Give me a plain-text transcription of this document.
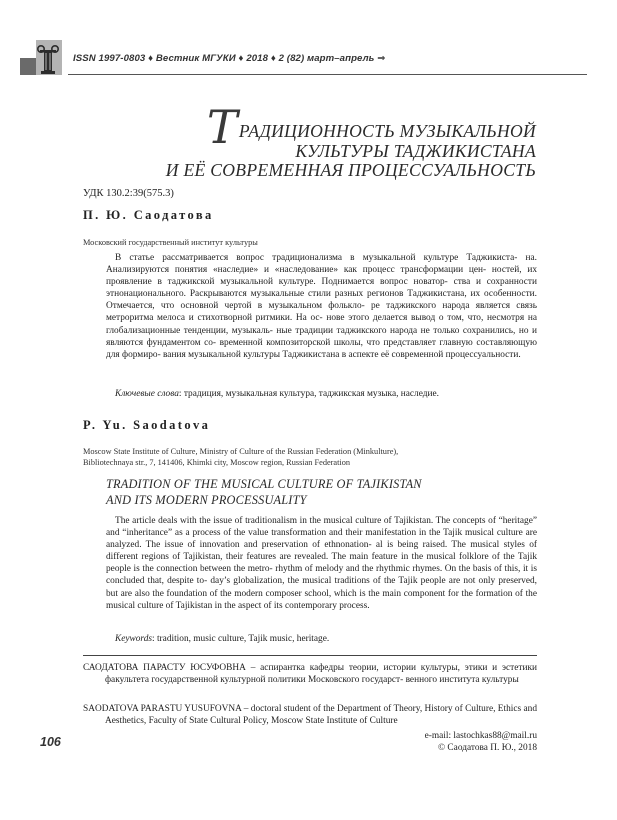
ISSN 1997-0803 ♦ Вестник МГУКИ ♦ 2018 ♦ 2 (82) март–апрель ⇒
ТРАДИЦИОННОСТЬ МУЗЫКАЛЬНОЙ
КУЛЬТУРЫ ТАДЖИКИСТАНА
И ЕЁ СОВРЕМЕННАЯ ПРОЦЕССУАЛЬНОСТЬ
УДК 130.2:39(575.3)
П. Ю. Саодатова
Московский государственный институт культуры

В статье рассматривается вопрос традиционализма в музыкальной культуре Таджикиста- на. Анализируются понятия «наследие» и «наследование» как процесс трансформации цен- ностей, их проявление в таджикской музыкальной культуре. Поднимается вопрос новатор- ства и сохранности этнонационального. Раскрываются музыкальные стили разных регионов Таджикистана, их особенности. Отмечается, что основной чертой в музыкальном фолькло- ре таджикского народа является связь метроритма мелоса и стихотворной ритмики. На ос- нове этого делается вывод о том, что, несмотря на глобализационные тенденции, музыкаль- ные традиции таджикского народа не только сохранились, но и являются фундаментом со- временной композиторской школы, что представляет главную составляющую для формиро- вания музыкальной культуры Таджикистана в аспекте её современной процессуальности.

Ключевые слова: традиция, музыкальная культура, таджикская музыка, наследие.
P. Yu. Saodatova
Moscow State Institute of Culture, Ministry of Culture of the Russian Federation (Minkulture),
Bibliotechnaya str., 7, 141406, Khimki city, Moscow region, Russian Federation
TRADITION OF THE MUSICAL CULTURE OF TAJIKISTAN
AND ITS MODERN PROCESSUALITY

The article deals with the issue of traditionalism in the musical culture of Tajikistan. The concepts of “heritage” and “inheritance” as a process of the value transformation and their manifestation in the Tajik musical culture are analyzed. The issue of innovation and preservation of ethnonation- al is being raised. The musical styles of different regions of Tajikistan, their features are revealed. The main feature in the musical folklore of the Tajik people is the connection between the metro- rhythm of melody and the rhythmic rhymes. On the basis of this, it is concluded that, despite to- day’s globalization, the musical traditions of the Tajik people are not only preserved, but are also the foundation of the modern composer school, which is the main component for the formation of the musical culture of Tajikistan in the aspect of its contemporary process.

Keywords: tradition, music culture, Tajik music, heritage.
САОДАТОВА ПАРАСТУ ЮСУФОВНА – аспирантка кафедры теории, истории культуры, этики и эстетики факультета государственной культурной политики Московского государст- венного института культуры
SAODATOVA PARASTU YUSUFOVNA – doctoral student of the Department of Theory, History of Culture, Ethics and Aesthetics, Faculty of State Cultural Policy, Moscow State Institute of Culture
106	e-mail: lastochkas88@mail.ru
© Саодатова П. Ю., 2018
